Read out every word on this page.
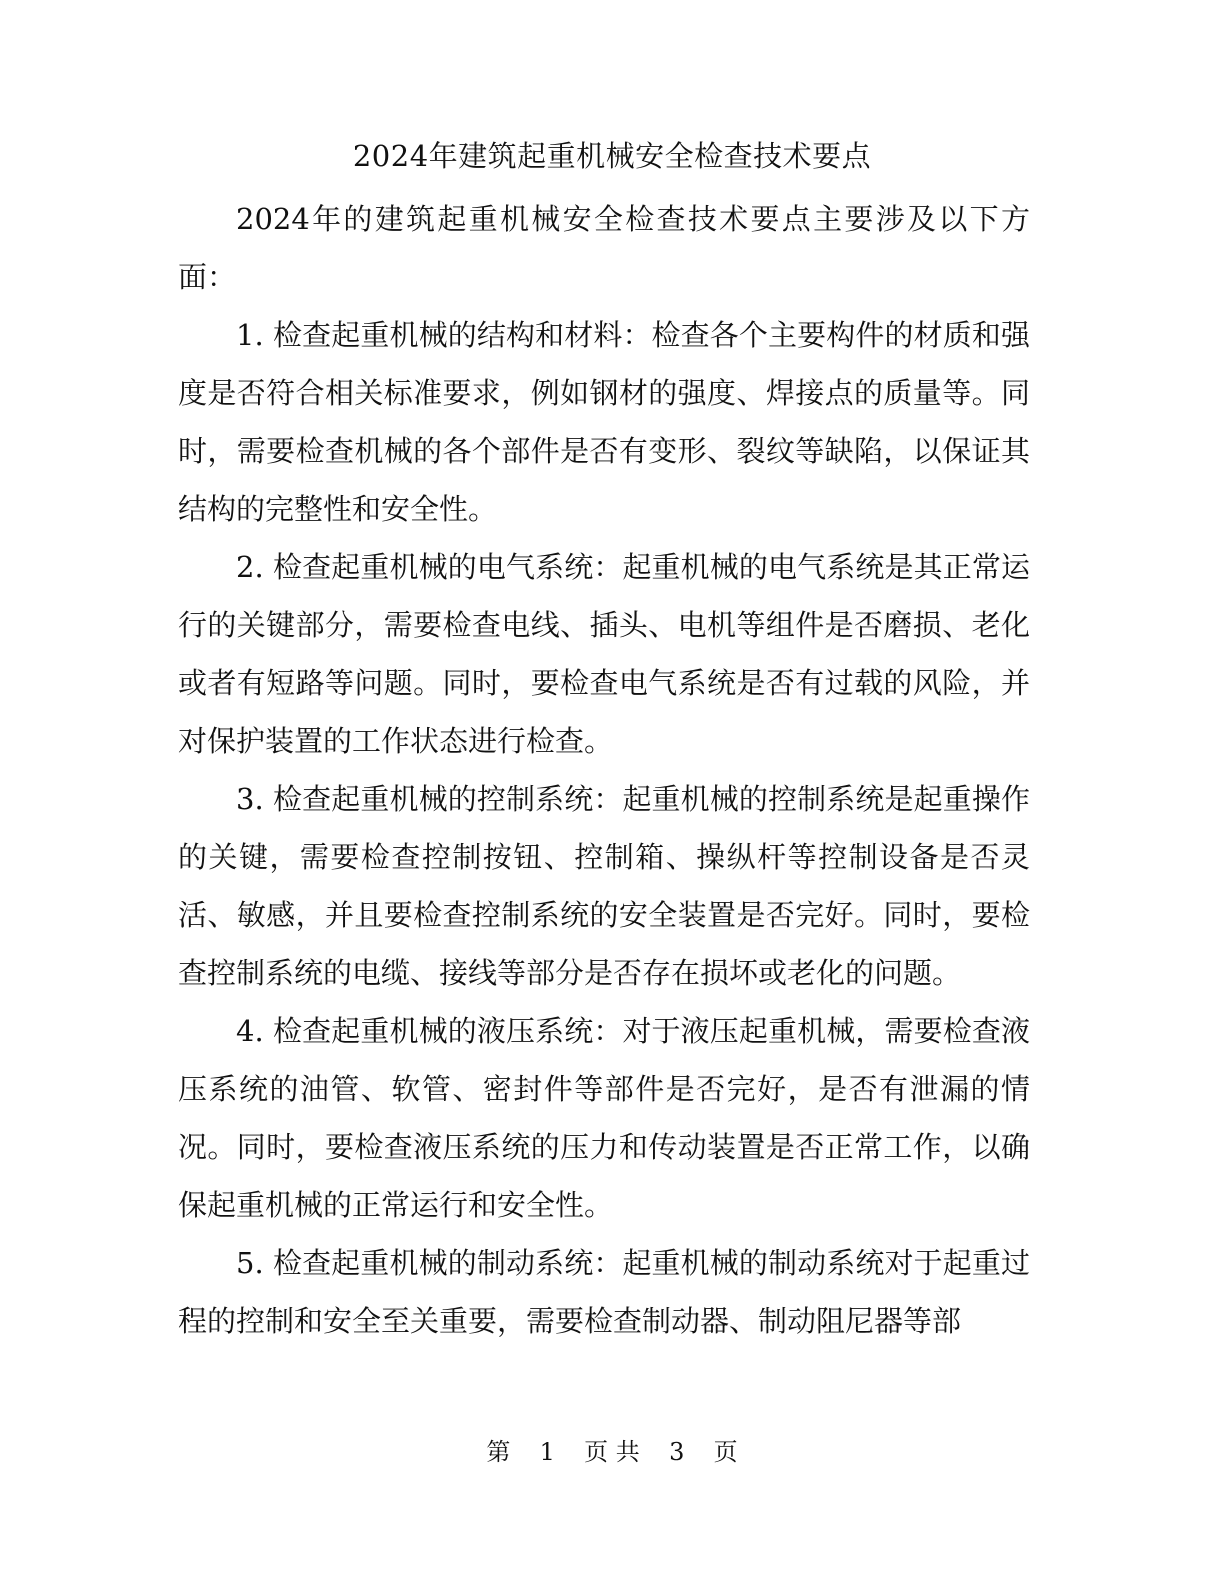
2024年建筑起重机械安全检查技术要点

2024年的建筑起重机械安全检查技术要点主要涉及以下方面：

1. 检查起重机械的结构和材料：检查各个主要构件的材质和强度是否符合相关标准要求，例如钢材的强度、焊接点的质量等。同时，需要检查机械的各个部件是否有变形、裂纹等缺陷，以保证其结构的完整性和安全性。

2. 检查起重机械的电气系统：起重机械的电气系统是其正常运行的关键部分，需要检查电线、插头、电机等组件是否磨损、老化或者有短路等问题。同时，要检查电气系统是否有过载的风险，并对保护装置的工作状态进行检查。

3. 检查起重机械的控制系统：起重机械的控制系统是起重操作的关键，需要检查控制按钮、控制箱、操纵杆等控制设备是否灵活、敏感，并且要检查控制系统的安全装置是否完好。同时，要检查控制系统的电缆、接线等部分是否存在损坏或老化的问题。

4. 检查起重机械的液压系统：对于液压起重机械，需要检查液压系统的油管、软管、密封件等部件是否完好，是否有泄漏的情况。同时，要检查液压系统的压力和传动装置是否正常工作，以确保起重机械的正常运行和安全性。

5. 检查起重机械的制动系统：起重机械的制动系统对于起重过程的控制和安全至关重要，需要检查制动器、制动阻尼器等部

第 1 页 共 3 页
